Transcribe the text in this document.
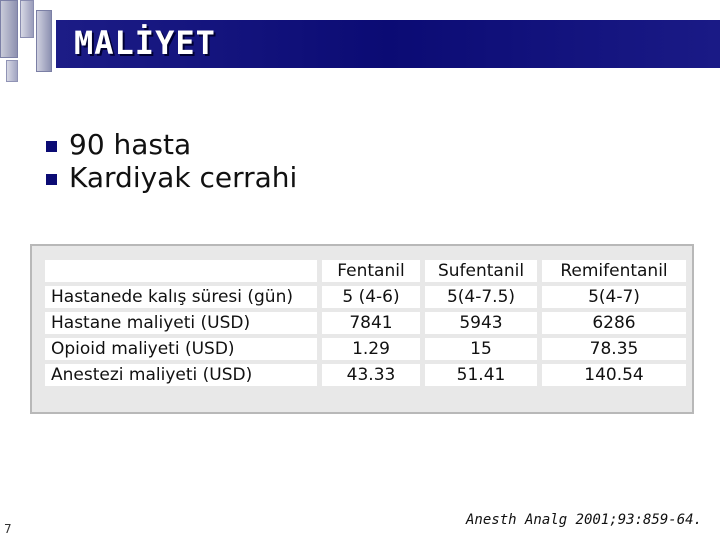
MALİYET
90 hasta
Kardiyak cerrahi
	Fentanil	Sufentanil	Remifentanil
Hastanede kalış süresi (gün)	5 (4-6)	5(4-7.5)	5(4-7)
Hastane maliyeti (USD)	7841	5943	6286
Opioid maliyeti (USD)	1.29	15	78.35
Anestezi maliyeti (USD)	43.33	51.41	140.54
7
Anesth Analg 2001;93:859-64.
